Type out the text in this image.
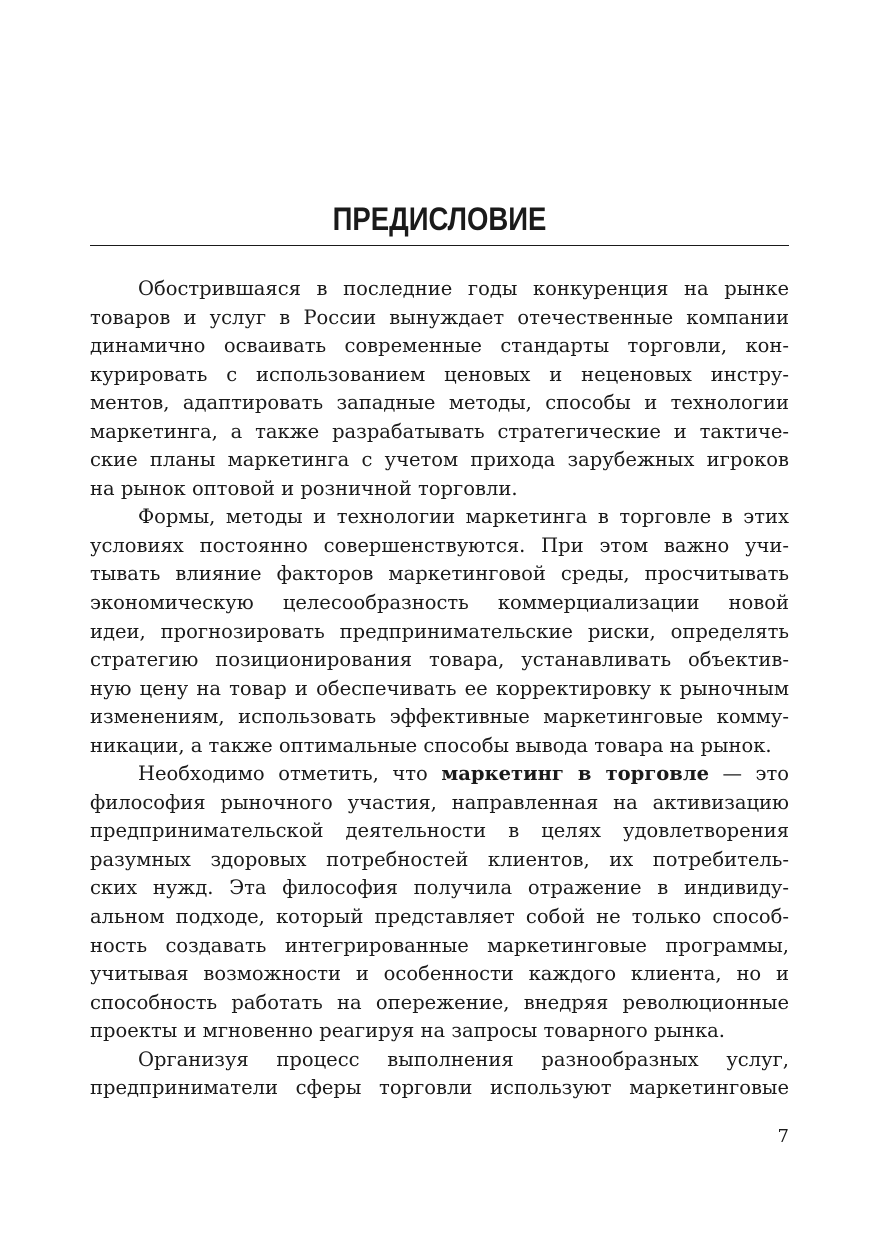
ПРЕДИСЛОВИЕ
Обострившаяся в последние годы конкуренция на рынке
товаров и услуг в России вынуждает отечественные компании
динамично осваивать современные стандарты торговли, кон-
курировать с использованием ценовых и неценовых инстру-
ментов, адаптировать западные методы, способы и технологии
маркетинга, а также разрабатывать стратегические и тактиче-
ские планы маркетинга с учетом прихода зарубежных игроков
на рынок оптовой и розничной торговли.
Формы, методы и технологии маркетинга в торговле в этих
условиях постоянно совершенствуются. При этом важно учи-
тывать влияние факторов маркетинговой среды, просчитывать
экономическую целесообразность коммерциализации новой
идеи, прогнозировать предпринимательские риски, определять
стратегию позиционирования товара, устанавливать объектив-
ную цену на товар и обеспечивать ее корректировку к рыночным
изменениям, использовать эффективные маркетинговые комму-
никации, а также оптимальные способы вывода товара на рынок.
Необходимо отметить, что маркетинг в торговле — это
философия рыночного участия, направленная на активизацию
предпринимательской деятельности в целях удовлетворения
разумных здоровых потребностей клиентов, их потребитель-
ских нужд. Эта философия получила отражение в индивиду-
альном подходе, который представляет собой не только способ-
ность создавать интегрированные маркетинговые программы,
учитывая возможности и особенности каждого клиента, но и
способность работать на опережение, внедряя революционные
проекты и мгновенно реагируя на запросы товарного рынка.
Организуя процесс выполнения разнообразных услуг,
предприниматели сферы торговли используют маркетинговые
7
